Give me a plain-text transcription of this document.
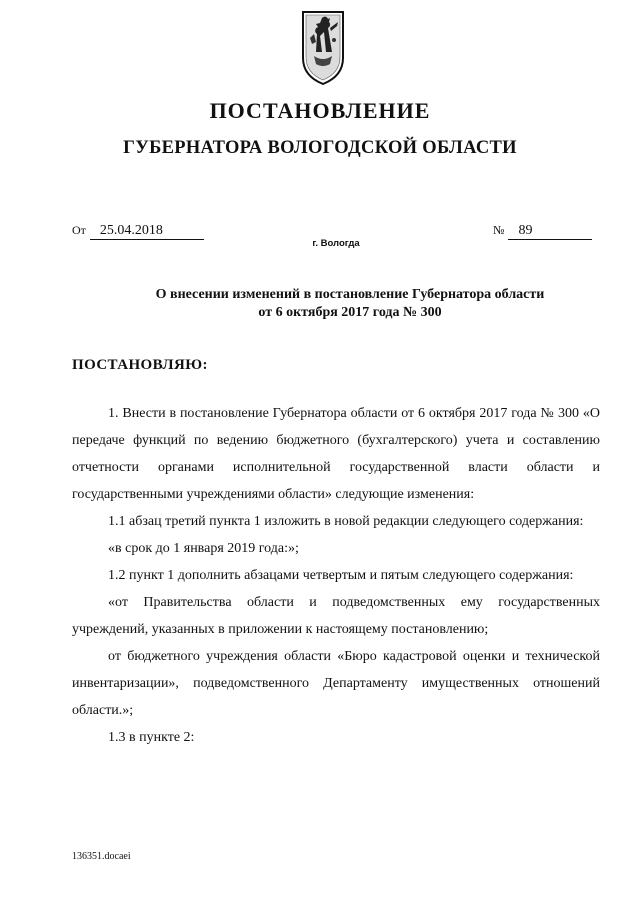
ПОСТАНОВЛЕНИЕ
ГУБЕРНАТОРА ВОЛОГОДСКОЙ ОБЛАСТИ
От 25.04.2018	№ 89
г. Вологда
О внесении изменений в постановление Губернатора области
от 6 октября 2017 года № 300
ПОСТАНОВЛЯЮ:

1. Внести в постановление Губернатора области от 6 октября 2017 года № 300 «О передаче функций по ведению бюджетного (бухгалтерского) учета и составлению отчетности органами исполнительной государственной власти области и государственными учреждениями области» следующие изменения:

1.1 абзац третий пункта 1 изложить в новой редакции следующего содержания:

«в срок до 1 января 2019 года:»;

1.2 пункт 1 дополнить абзацами четвертым и пятым следующего содержания:

«от Правительства области и подведомственных ему государственных учреждений, указанных в приложении к настоящему постановлению;

от бюджетного учреждения области «Бюро кадастровой оценки и технической инвентаризации», подведомственного Департаменту имущественных отношений области.»;

1.3 в пункте 2:

136351.docaei
